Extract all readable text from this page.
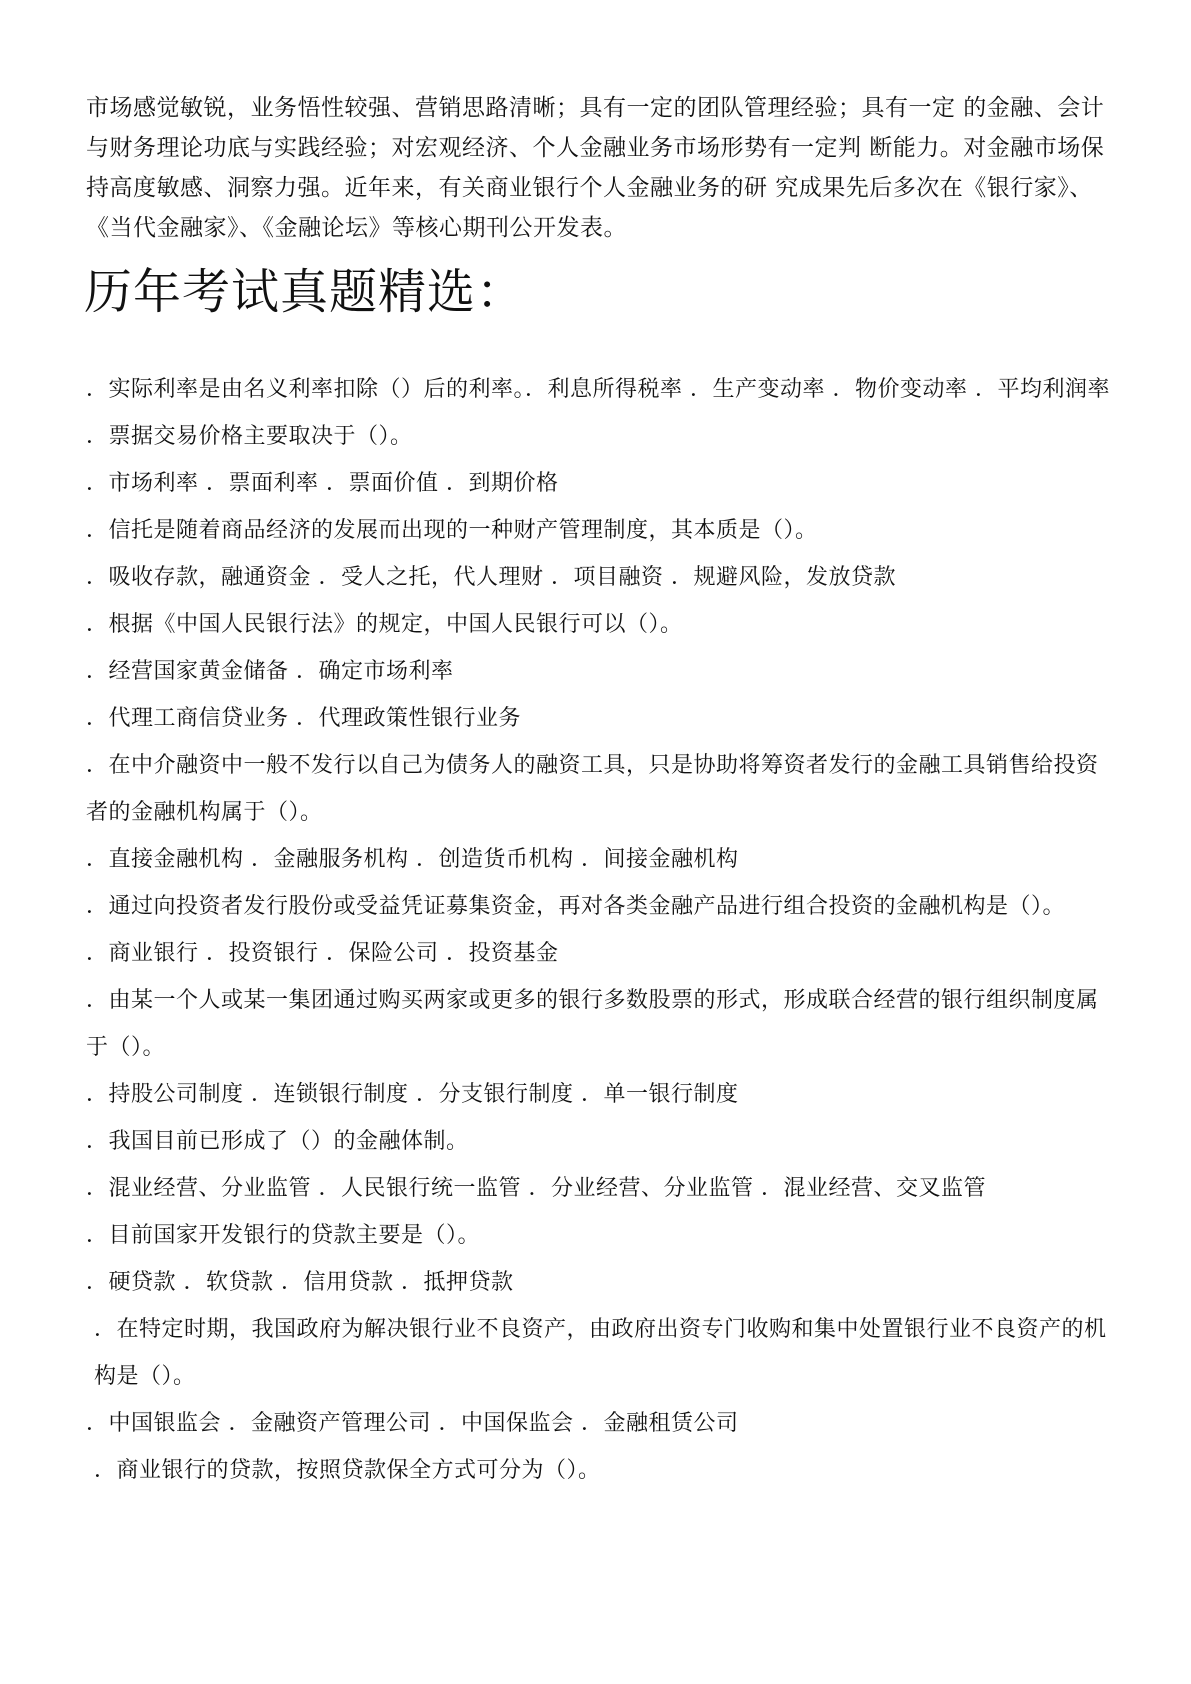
市场感觉敏锐，业务悟性较强、营销思路清晰；具有一定的团队管理经验；具有一定 的金融、会计与财务理论功底与实践经验；对宏观经济、个人金融业务市场形势有一定判 断能力。对金融市场保持高度敏感、洞察力强。近年来，有关商业银行个人金融业务的研 究成果先后多次在《银行家》、《当代金融家》、《金融论坛》等核心期刊公开发表。

历年考试真题精选：
．实际利率是由名义利率扣除（）后的利率。．利息所得税率 ．生产变动率 ．物价变动率 ．平均利润率
．票据交易价格主要取决于（）。
．市场利率 ．票面利率 ．票面价值 ．到期价格
．信托是随着商品经济的发展而出现的一种财产管理制度，其本质是（）。
．吸收存款，融通资金 ．受人之托，代人理财 ．项目融资 ．规避风险，发放贷款
．根据《中国人民银行法》的规定，中国人民银行可以（）。
．经营国家黄金储备 ．确定市场利率
．代理工商信贷业务 ．代理政策性银行业务
．在中介融资中一般不发行以自己为债务人的融资工具，只是协助将筹资者发行的金融工具销售给投资者的金融机构属于（）。
．直接金融机构 ．金融服务机构 ．创造货币机构 ．间接金融机构
．通过向投资者发行股份或受益凭证募集资金，再对各类金融产品进行组合投资的金融机构是（）。
．商业银行 ．投资银行 ．保险公司 ．投资基金
．由某一个人或某一集团通过购买两家或更多的银行多数股票的形式，形成联合经营的银行组织制度属于（）。
．持股公司制度 ．连锁银行制度 ．分支银行制度 ．单一银行制度
．我国目前已形成了（）的金融体制。
．混业经营、分业监管 ．人民银行统一监管 ．分业经营、分业监管 ．混业经营、交叉监管
．目前国家开发银行的贷款主要是（）。
．硬贷款 ．软贷款 ．信用贷款 ．抵押贷款
．在特定时期，我国政府为解决银行业不良资产，由政府出资专门收购和集中处置银行业不良资产的机构是（）。
．中国银监会 ．金融资产管理公司 ．中国保监会 ．金融租赁公司
．商业银行的贷款，按照贷款保全方式可分为（）。
